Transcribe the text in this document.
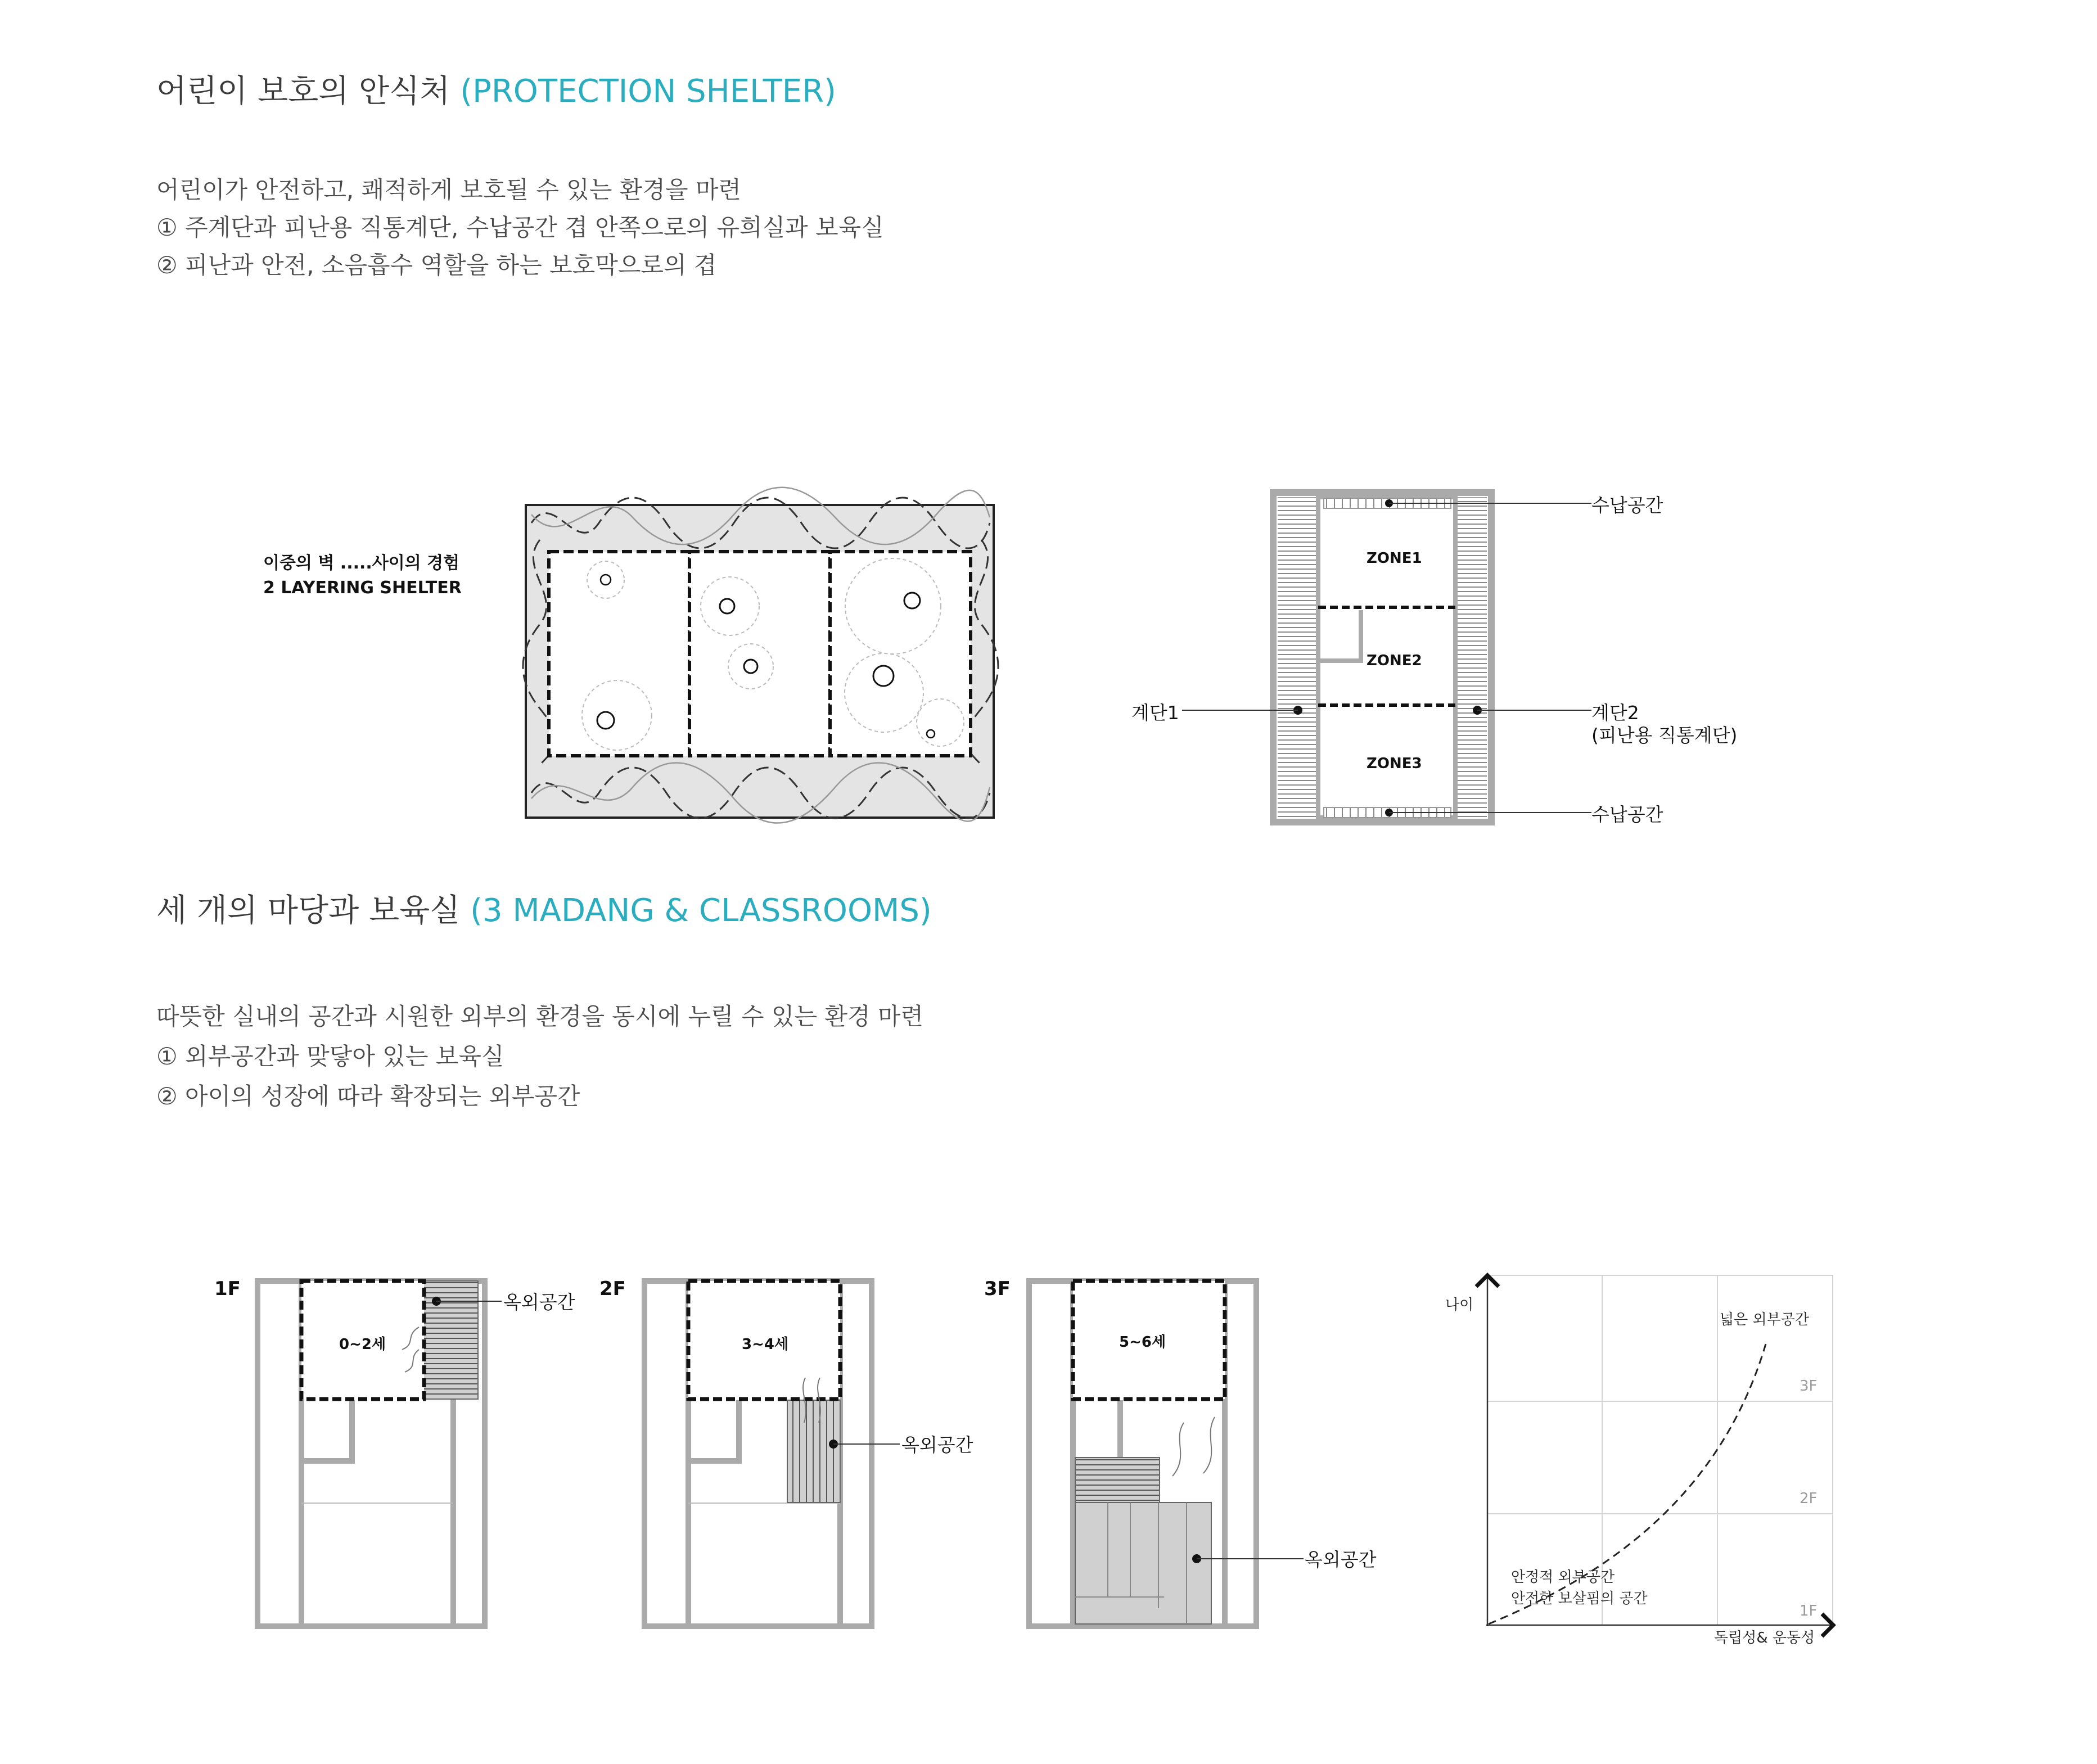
어린이 보호의 안식처 (PROTECTION SHELTER)
어린이가 안전하고, 쾌적하게 보호될 수 있는 환경을 마련
① 주계단과 피난용 직통계단, 수납공간 겹 안쪽으로의 유희실과 보육실
② 피난과 안전, 소음흡수 역할을 하는 보호막으로의 겹
이중의 벽 .....사이의 경험
2 LAYERING SHELTER
ZONE1
ZONE2
ZONE3
수납공간
수납공간
계단1	계단2
(피난용 직통계단)
세 개의 마당과 보육실 (3 MADANG & CLASSROOMS)
따뜻한 실내의 공간과 시원한 외부의 환경을 동시에 누릴 수 있는 환경 마련
① 외부공간과 맞닿아 있는 보육실
② 아이의 성장에 따라 확장되는 외부공간
1F
0~2세
옥외공간
2F
3~4세
옥외공간
3F
5~6세
옥외공간
나이
독립성& 운동성
넓은 외부공간
안정적 외부공간
안전한 보살핌의 공간
3F
2F
1F
